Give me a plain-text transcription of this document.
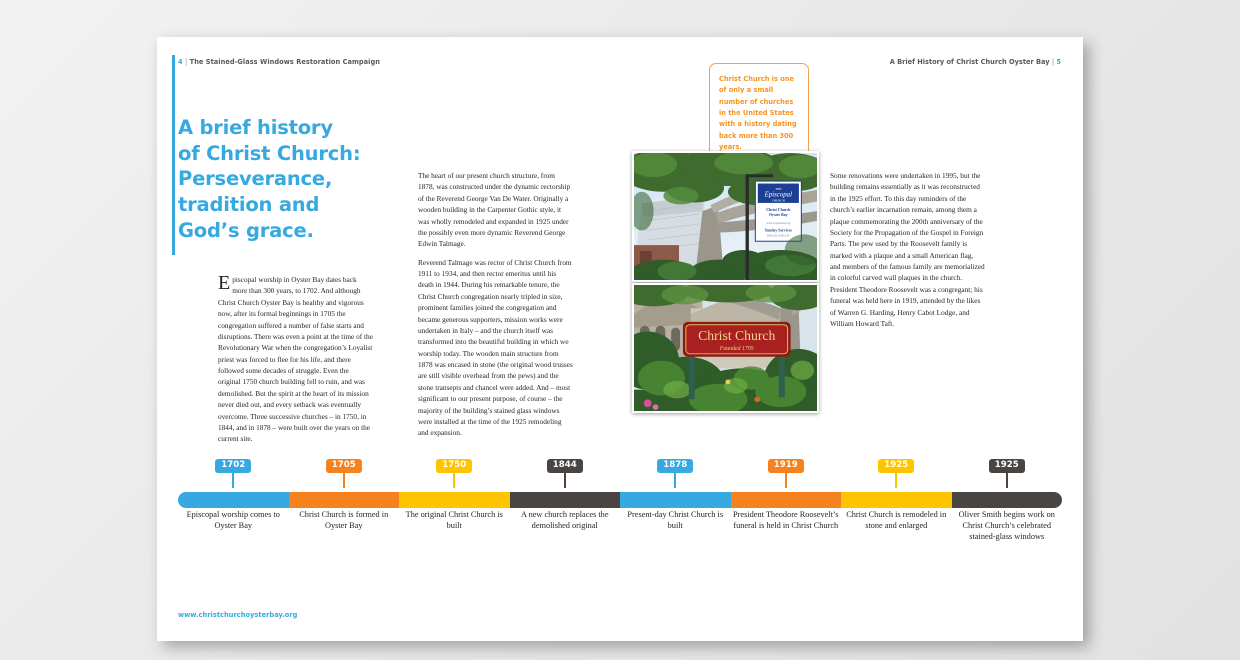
4 | The Stained-Glass Windows Restoration Campaign	A Brief History of Christ Church Oyster Bay | 5
A brief history
of Christ Church:
Perseverance,
tradition and
God’s grace.

Episcopal worship in Oyster Bay dates back more than 300 years, to 1702. And although Christ Church Oyster Bay is healthy and vigorous now, after its formal beginnings in 1705 the congregation suffered a number of false starts and disruptions. There was even a point at the time of the Revolutionary War when the congregation’s Loyalist priest was forced to flee for his life, and there followed some decades of struggle. Even the original 1750 church building fell to ruin, and was demolished. But the spirit at the heart of its mission never died out, and every setback was eventually overcome. Three successive churches – in 1750, in 1844, and in 1878 – were built over the years on the current site.

The heart of our present church structure, from 1878, was constructed under the dynamic rectorship of the Reverend George Van De Water. Originally a wooden building in the Carpenter Gothic style, it was wholly remodeled and expanded in 1925 under the possibly even more dynamic Reverend George Edwin Talmage.

Reverend Talmage was rector of Christ Church from 1911 to 1934, and then rector emeritus until his death in 1944. During his remarkable tenure, the Christ Church congregation nearly tripled in size, prominent families joined the congregation and became generous supporters, mission works were undertaken in Italy – and the church itself was transformed into the beautiful building in which we worship today. The wooden main structure from 1878 was encased in stone (the original wood trusses are still visible overhead from the pews) and the stone transepts and chancel were added. And – most significant to our present purpose, of course – the majority of the building’s stained glass windows were installed at the time of the 1925 remodeling and expansion.

Some renovations were undertaken in 1995, but the building remains essentially as it was reconstructed in the 1925 effort. To this day reminders of the church’s earlier incarnation remain, among them a plaque commemorating the 200th anniversary of the Society for the Propagation of the Gospel in Foreign Parts. The pew used by the Roosevelt family is marked with a plaque and a small American flag, and members of the famous family are memorialized in colorful carved wall plaques in the church. President Theodore Roosevelt was a congregant; his funeral was held here in 1919, attended by the likes of Warren G. Harding, Henry Cabot Lodge, and William Howard Taft.

Christ Church is one of only a small number of churches in the United States with a history dating back more than 300 years.
THE
Episcopal
CHURCH
Christ Church
Oyster Bay
www.ccoysterbay.org
Sunday Services
8:00 A.M. 10:00 A.M.
Christ Church
Founded 1705
1702
Episcopal worship comes to Oyster Bay
1705
Christ Church is formed in Oyster Bay
1750
The original Christ Church is built
1844
A new church replaces the demolished original
1878
Present-day Christ Church is built
1919
President Theodore Roosevelt’s funeral is held in Christ Church
1925
Christ Church is remodeled in stone and enlarged
1925
Oliver Smith begins work on Christ Church’s celebrated stained-glass windows
www.christchurchoysterbay.org
